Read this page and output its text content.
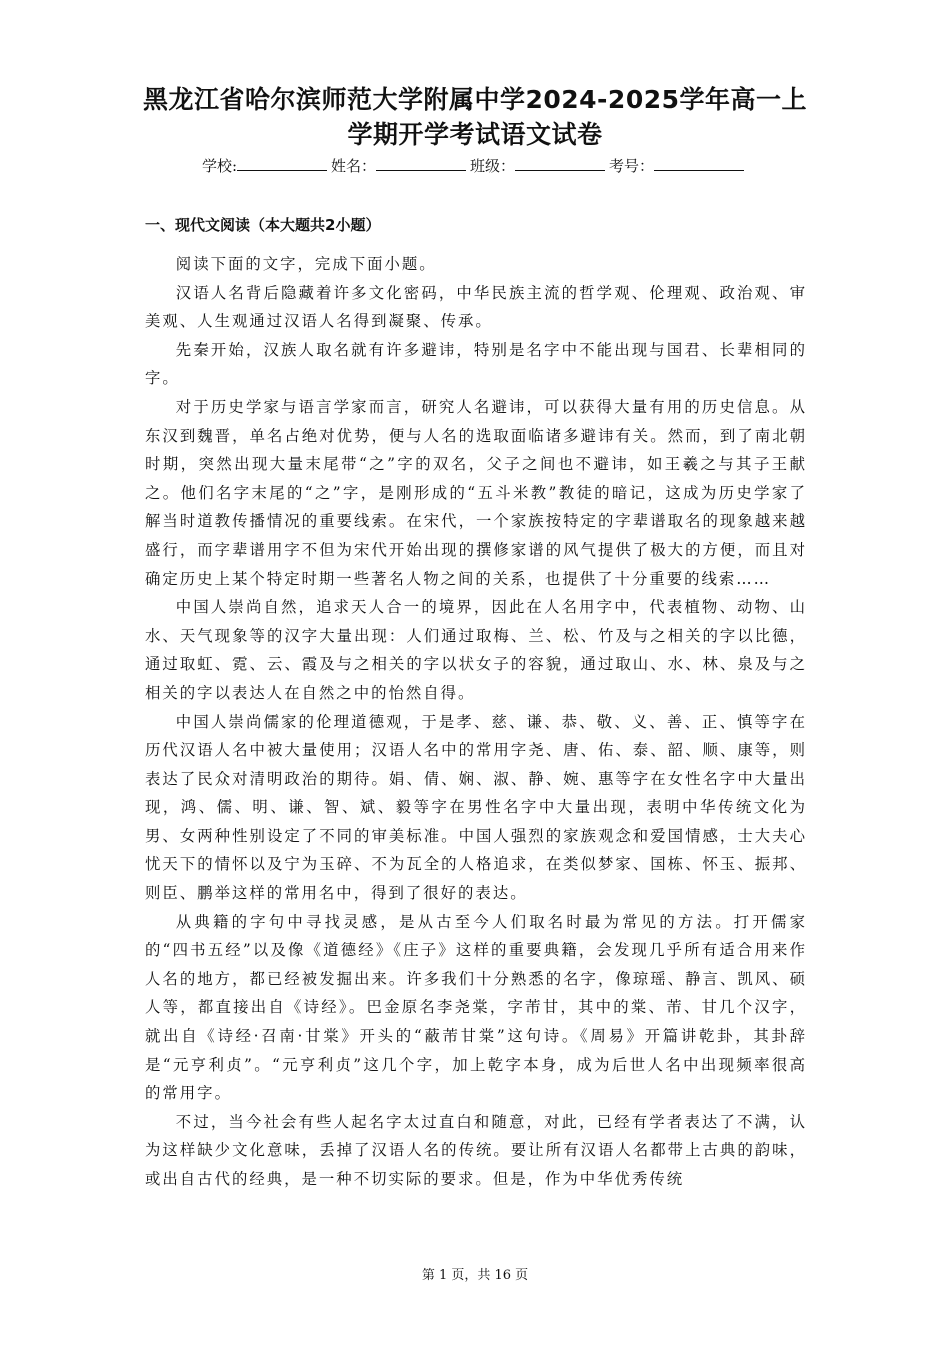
黑龙江省哈尔滨师范大学附属中学2024-2025学年高一上
学期开学考试语文试卷
学校:	姓名：	班级：	考号：
一、现代文阅读（本大题共2小题）

阅读下面的文字，完成下面小题。

汉语人名背后隐藏着许多文化密码，中华民族主流的哲学观、伦理观、政治观、审美观、人生观通过汉语人名得到凝聚、传承。

先秦开始，汉族人取名就有许多避讳，特别是名字中不能出现与国君、长辈相同的字。

对于历史学家与语言学家而言，研究人名避讳，可以获得大量有用的历史信息。从东汉到魏晋，单名占绝对优势，便与人名的选取面临诸多避讳有关。然而，到了南北朝时期，突然出现大量末尾带“之”字的双名，父子之间也不避讳，如王羲之与其子王献之。他们名字末尾的“之”字，是刚形成的“五斗米教”教徒的暗记，这成为历史学家了解当时道教传播情况的重要线索。在宋代，一个家族按特定的字辈谱取名的现象越来越盛行，而字辈谱用字不但为宋代开始出现的撰修家谱的风气提供了极大的方便，而且对确定历史上某个特定时期一些著名人物之间的关系，也提供了十分重要的线索……

中国人崇尚自然，追求天人合一的境界，因此在人名用字中，代表植物、动物、山水、天气现象等的汉字大量出现：人们通过取梅、兰、松、竹及与之相关的字以比德，通过取虹、霓、云、霞及与之相关的字以状女子的容貌，通过取山、水、林、泉及与之相关的字以表达人在自然之中的怡然自得。

中国人崇尚儒家的伦理道德观，于是孝、慈、谦、恭、敬、义、善、正、慎等字在历代汉语人名中被大量使用；汉语人名中的常用字尧、唐、佑、泰、韶、顺、康等，则表达了民众对清明政治的期待。娟、倩、娴、淑、静、婉、惠等字在女性名字中大量出现，鸿、儒、明、谦、智、斌、毅等字在男性名字中大量出现，表明中华传统文化为男、女两种性别设定了不同的审美标准。中国人强烈的家族观念和爱国情感，士大夫心忧天下的情怀以及宁为玉碎、不为瓦全的人格追求，在类似梦家、国栋、怀玉、振邦、则臣、鹏举这样的常用名中，得到了很好的表达。

从典籍的字句中寻找灵感，是从古至今人们取名时最为常见的方法。打开儒家的“四书五经”以及像《道德经》《庄子》这样的重要典籍，会发现几乎所有适合用来作人名的地方，都已经被发掘出来。许多我们十分熟悉的名字，像琼瑶、静言、凯风、硕人等，都直接出自《诗经》。巴金原名李尧棠，字芾甘，其中的棠、芾、甘几个汉字，就出自《诗经·召南·甘棠》开头的“蔽芾甘棠”这句诗。《周易》开篇讲乾卦，其卦辞是“元亨利贞”。“元亨利贞”这几个字，加上乾字本身，成为后世人名中出现频率很高的常用字。

不过，当今社会有些人起名字太过直白和随意，对此，已经有学者表达了不满，认为这样缺少文化意味，丢掉了汉语人名的传统。要让所有汉语人名都带上古典的韵味，或出自古代的经典，是一种不切实际的要求。但是，作为中华优秀传统

第 1 页，共 16 页
